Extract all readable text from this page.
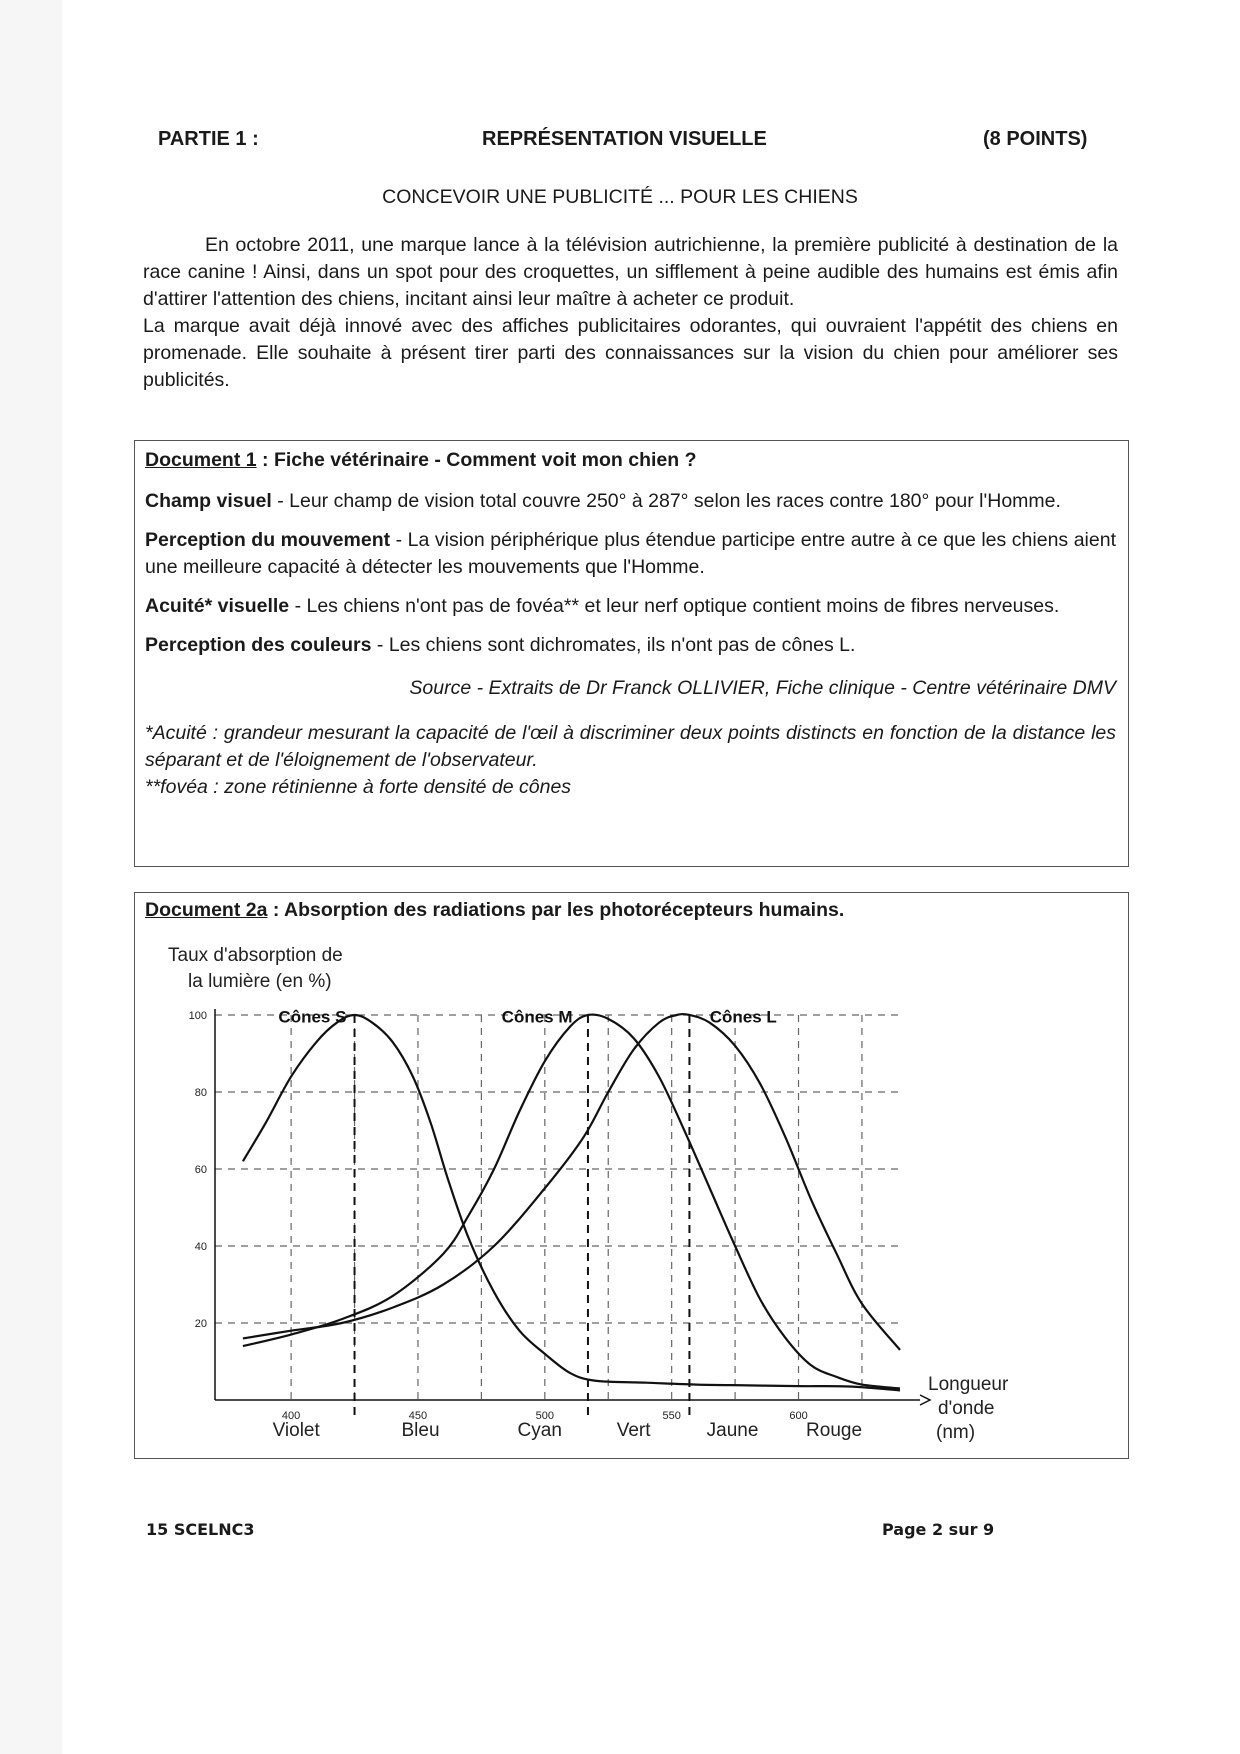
PARTIE 1 :	REPRÉSENTATION VISUELLE	(8 POINTS)
CONCEVOIR UNE PUBLICITÉ ... POUR LES CHIENS

En octobre 2011, une marque lance à la télévision autrichienne, la première publicité à destination de la race canine ! Ainsi, dans un spot pour des croquettes, un sifflement à peine audible des humains est émis afin d'attirer l'attention des chiens, incitant ainsi leur maître à acheter ce produit.

La marque avait déjà innové avec des affiches publicitaires odorantes, qui ouvraient l'appétit des chiens en promenade. Elle souhaite à présent tirer parti des connaissances sur la vision du chien pour améliorer ses publicités.

Document 1 : Fiche vétérinaire - Comment voit mon chien ?

Champ visuel - Leur champ de vision total couvre 250° à 287° selon les races contre 180° pour l'Homme.

Perception du mouvement - La vision périphérique plus étendue participe entre autre à ce que les chiens aient une meilleure capacité à détecter les mouvements que l'Homme.

Acuité* visuelle - Les chiens n'ont pas de fovéa** et leur nerf optique contient moins de fibres nerveuses.

Perception des couleurs - Les chiens sont dichromates, ils n'ont pas de cônes L.

Source - Extraits de Dr Franck OLLIVIER, Fiche clinique - Centre vétérinaire DMV

*Acuité : grandeur mesurant la capacité de l'œil à discriminer deux points distincts en fonction de la distance les séparant et de l'éloignement de l'observateur.

**fovéa : zone rétinienne à forte densité de cônes

Document 2a : Absorption des radiations par les photorécepteurs humains.
Taux d'absorption de
la lumière (en %)
20
40
60
80
100
400	450	500	550	600
Violet	Bleu	Cyan	Vert	Jaune	Rouge
Longueur
d'onde
(nm)
Cônes S	Cônes M	Cônes L
15 SCELNC3	Page 2 sur 9
